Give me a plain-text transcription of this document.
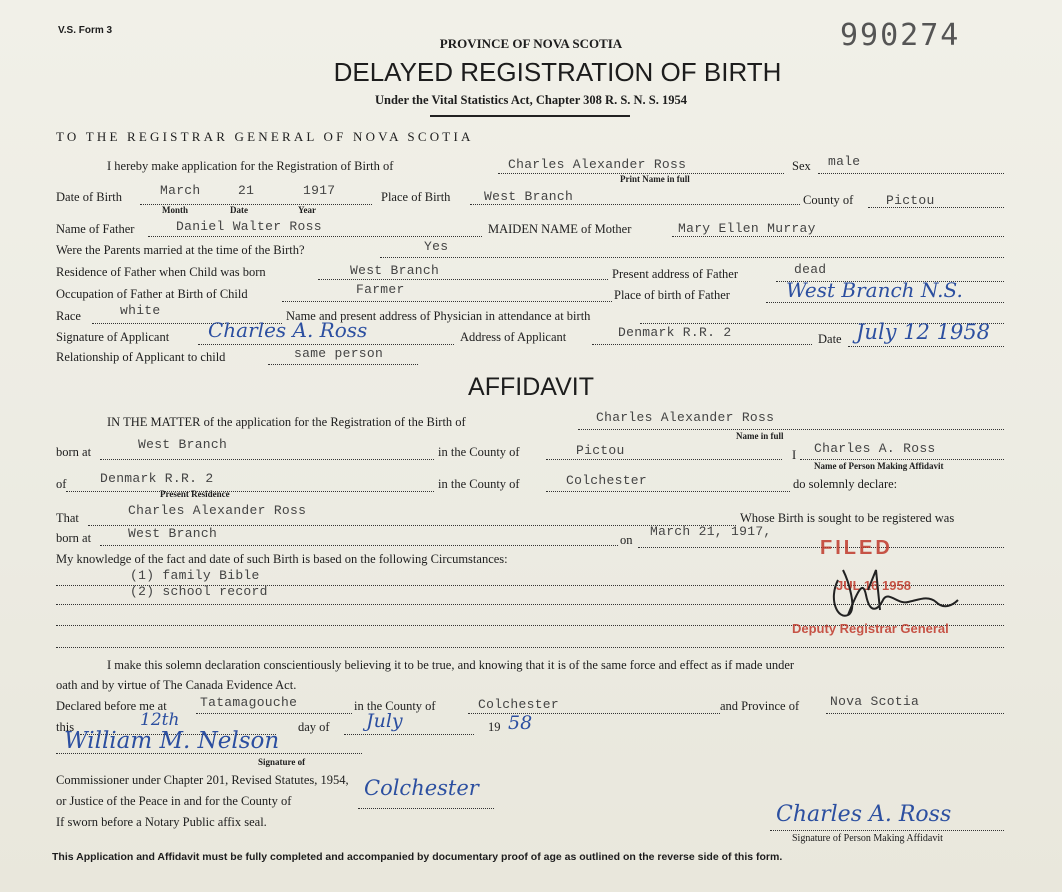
V.S. Form 3	990274
PROVINCE OF NOVA SCOTIA
DELAYED REGISTRATION OF BIRTH
Under the Vital Statistics Act, Chapter 308 R. S. N. S. 1954
TO THE REGISTRAR GENERAL OF NOVA SCOTIA
I hereby make application for the Registration of Birth of	Charles Alexander Ross
Print Name in full
Sex male
Date of Birth	March	21	1917
Month	Date	Year
Place of Birth	West Branch	County of	Pictou
Name of Father	Daniel Walter Ross	MAIDEN NAME of Mother	Mary Ellen Murray
Were the Parents married at the time of the Birth?	Yes
Residence of Father when Child was born	West Branch	Present address of Father	dead
Occupation of Father at Birth of Child	Farmer	Place of birth of Father	West Branch N.S.
Race	white	Name and present address of Physician in attendance at birth
Signature of Applicant Charles A. Ross	Address of Applicant	Denmark R.R. 2	Date July 12 1958
Relationship of Applicant to child	same person
AFFIDAVIT
IN THE MATTER of the application for the Registration of the Birth of	Charles Alexander Ross
Name in full
born at	West Branch	in the County of	Pictou	I Charles A. Ross
Name of Person Making Affidavit
of	Denmark R.R. 2
Present Residence
in the County of	Colchester	do solemnly declare:
That	Charles Alexander Ross	Whose Birth is sought to be registered was
born at	West Branch	on
March 21, 1917,
My knowledge of the fact and date of such Birth is based on the following Circumstances:
(1) family Bible
(2) school record
FILED
JUL 16 1958
Deputy Registrar General
I make this solemn declaration conscientiously believing it to be true, and knowing that it is of the same force and effect as if made under
oath and by virtue of The Canada Evidence Act.
Declared before me at	Tatamagouche	in the County of	Colchester	and Province of Nova Scotia
this	12th	day of July	19 58
William M. Nelson
Signature of
Commissioner under Chapter 201, Revised Statutes, 1954,
or Justice of the Peace in and for the County of
Colchester
If sworn before a Notary Public affix seal.	Charles A. Ross
Signature of Person Making Affidavit
This Application and Affidavit must be fully completed and accompanied by documentary proof of age as outlined on the reverse side of this form.
